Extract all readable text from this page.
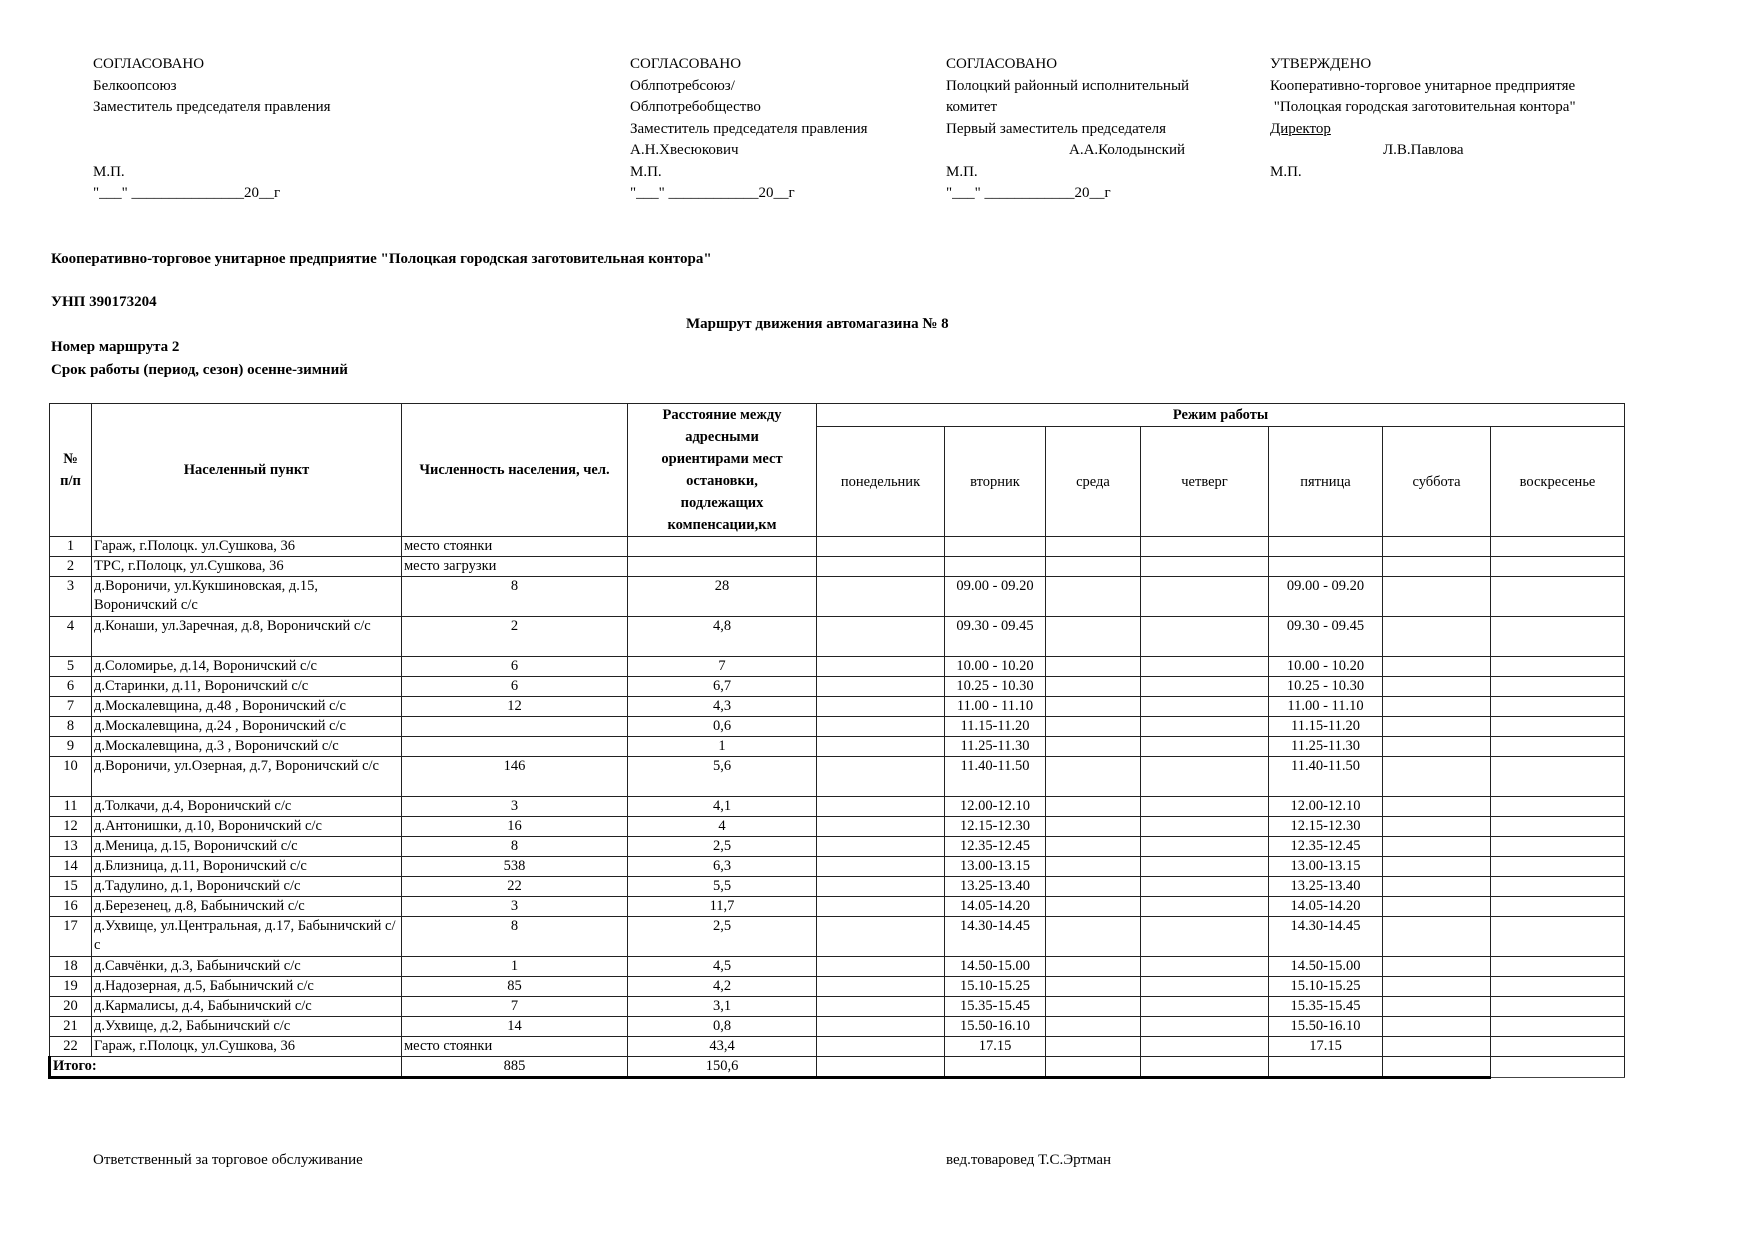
СОГЛАСОВАНО
Белкоопсоюз
Заместитель председателя правления
М.П.
"___" _______________20__г
СОГЛАСОВАНО
Облпотребсоюз/
Облпотребобщество
Заместитель председателя правления
А.Н.Хвесюкович
М.П.
"___" ____________20__г
СОГЛАСОВАНО
Полоцкий районный исполнительный
комитет
Первый заместитель председателя
А.А.Колодынский
М.П.
"___" ____________20__г
УТВЕРЖДЕНО
Кооперативно-торговое унитарное предприятяе
"Полоцкая городская заготовительная контора"
Директор
Л.В.Павлова
М.П.
Кооперативно-торговое унитарное предприятие "Полоцкая городская заготовительная контора"
УНП 390173204
Маршрут движения автомагазина № 8
Номер маршрута 2
Срок работы (период, сезон) осенне-зимний
№ п/п	Населенный пункт	Численность населения, чел.	Расстояние между адресными ориентирами мест остановки, подлежащих компенсации,км	Режим работы						
				понедельник	вторник	среда	четверг	пятница	суббота	воскресенье
1	Гараж, г.Полоцк. ул.Сушкова, 36	место стоянки								
2	ТРС, г.Полоцк, ул.Сушкова, 36	место загрузки								
3	д.Вороничи, ул.Кукшиновская, д.15, Вороничский с/с	8	28		09.00 - 09.20			09.00 - 09.20		
4	д.Конаши, ул.Заречная, д.8, Вороничский с/с	2	4,8		09.30 - 09.45			09.30 - 09.45		
5	д.Соломирье, д.14, Вороничский с/с	6	7		10.00 - 10.20			10.00 - 10.20		
6	д.Старинки, д.11, Вороничский с/с	6	6,7		10.25 - 10.30			10.25 - 10.30		
7	д.Москалевщина, д.48 , Вороничский с/с	12	4,3		11.00 - 11.10			11.00 - 11.10		
8	д.Москалевщина, д.24 , Вороничский с/с		0,6		11.15-11.20			11.15-11.20		
9	д.Москалевщина, д.3 , Вороничский с/с		1		11.25-11.30			11.25-11.30		
10	д.Вороничи, ул.Озерная, д.7, Вороничский с/с	146	5,6		11.40-11.50			11.40-11.50		
11	д.Толкачи, д.4, Вороничский с/с	3	4,1		12.00-12.10			12.00-12.10		
12	д.Антонишки, д.10, Вороничский с/с	16	4		12.15-12.30			12.15-12.30		
13	д.Меница, д.15, Вороничский с/с	8	2,5		12.35-12.45			12.35-12.45		
14	д.Близница, д.11, Вороничский с/с	538	6,3		13.00-13.15			13.00-13.15		
15	д.Тадулино, д.1, Вороничский с/с	22	5,5		13.25-13.40			13.25-13.40		
16	д.Березенец, д.8, Бабыничский с/с	3	11,7		14.05-14.20			14.05-14.20		
17	д.Ухвище, ул.Центральная, д.17, Бабыничский с/с	8	2,5		14.30-14.45			14.30-14.45		
18	д.Савчёнки, д.3, Бабыничский с/с	1	4,5		14.50-15.00			14.50-15.00		
19	д.Надозерная, д.5, Бабыничский с/с	85	4,2		15.10-15.25			15.10-15.25		
20	д.Кармалисы, д.4, Бабыничский с/с	7	3,1		15.35-15.45			15.35-15.45		
21	д.Ухвище, д.2, Бабыничский с/с	14	0,8		15.50-16.10			15.50-16.10		
22	Гараж, г.Полоцк, ул.Сушкова, 36	место стоянки	43,4		17.15			17.15		
Итого:		885	150,6							
Ответственный за торговое обслуживание	вед.товаровед Т.С.Эртман
